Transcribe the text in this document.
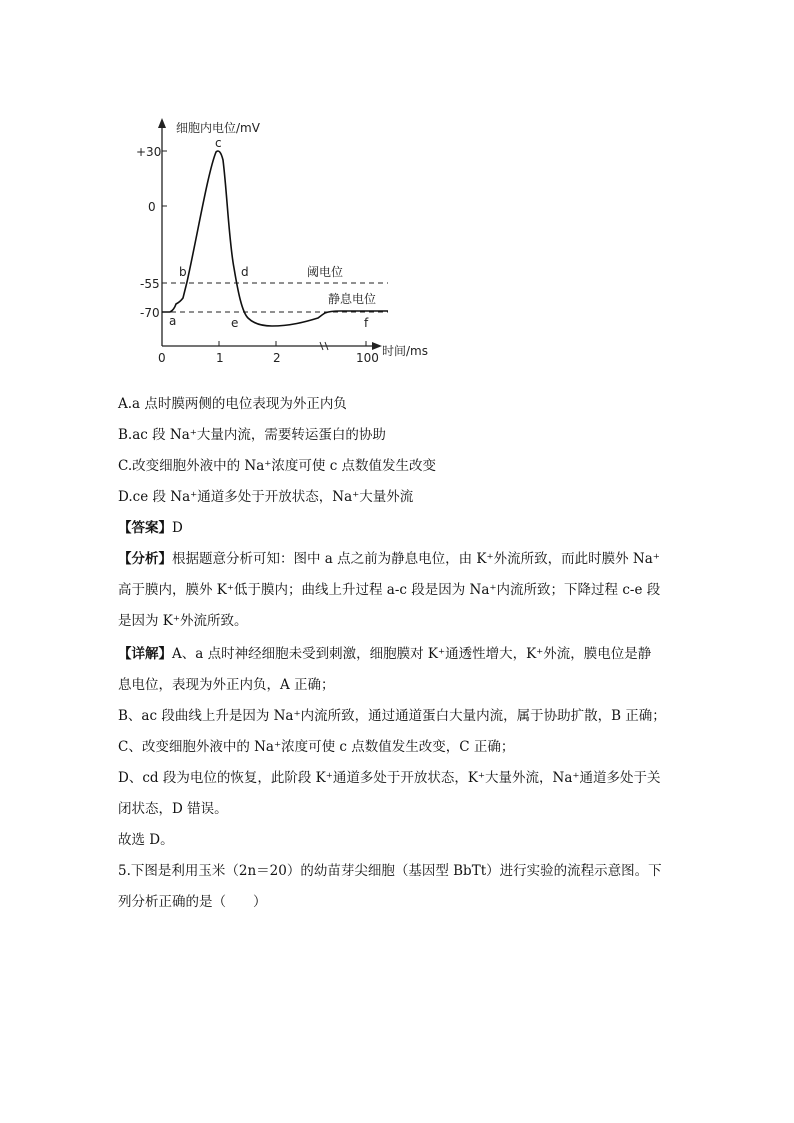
细胞内电位/mV
时间/ms
+30
0
-55
-70
0	1	2	100
a
b
c
d
e	f
阈电位
静息电位
A.a 点时膜两侧的电位表现为外正内负
B.ac 段 Na⁺大量内流，需要转运蛋白的协助
C.改变细胞外液中的 Na⁺浓度可使 c 点数值发生改变
D.ce 段 Na⁺通道多处于开放状态，Na⁺大量外流
【答案】D
【分析】根据题意分析可知：图中 a 点之前为静息电位，由 K⁺外流所致，而此时膜外 Na⁺
高于膜内，膜外 K⁺低于膜内；曲线上升过程 a-c 段是因为 Na⁺内流所致；下降过程 c-e 段
是因为 K⁺外流所致。
【详解】A、a 点时神经细胞未受到刺激，细胞膜对 K⁺通透性增大，K⁺外流，膜电位是静
息电位，表现为外正内负，A 正确；
B、ac 段曲线上升是因为 Na⁺内流所致，通过通道蛋白大量内流，属于协助扩散，B 正确；
C、改变细胞外液中的 Na⁺浓度可使 c 点数值发生改变，C 正确；
D、cd 段为电位的恢复，此阶段 K⁺通道多处于开放状态，K⁺大量外流，Na⁺通道多处于关
闭状态，D 错误。
故选 D。
5.下图是利用玉米（2n＝20）的幼苗芽尖细胞（基因型 BbTt）进行实验的流程示意图。下
列分析正确的是（　　）
